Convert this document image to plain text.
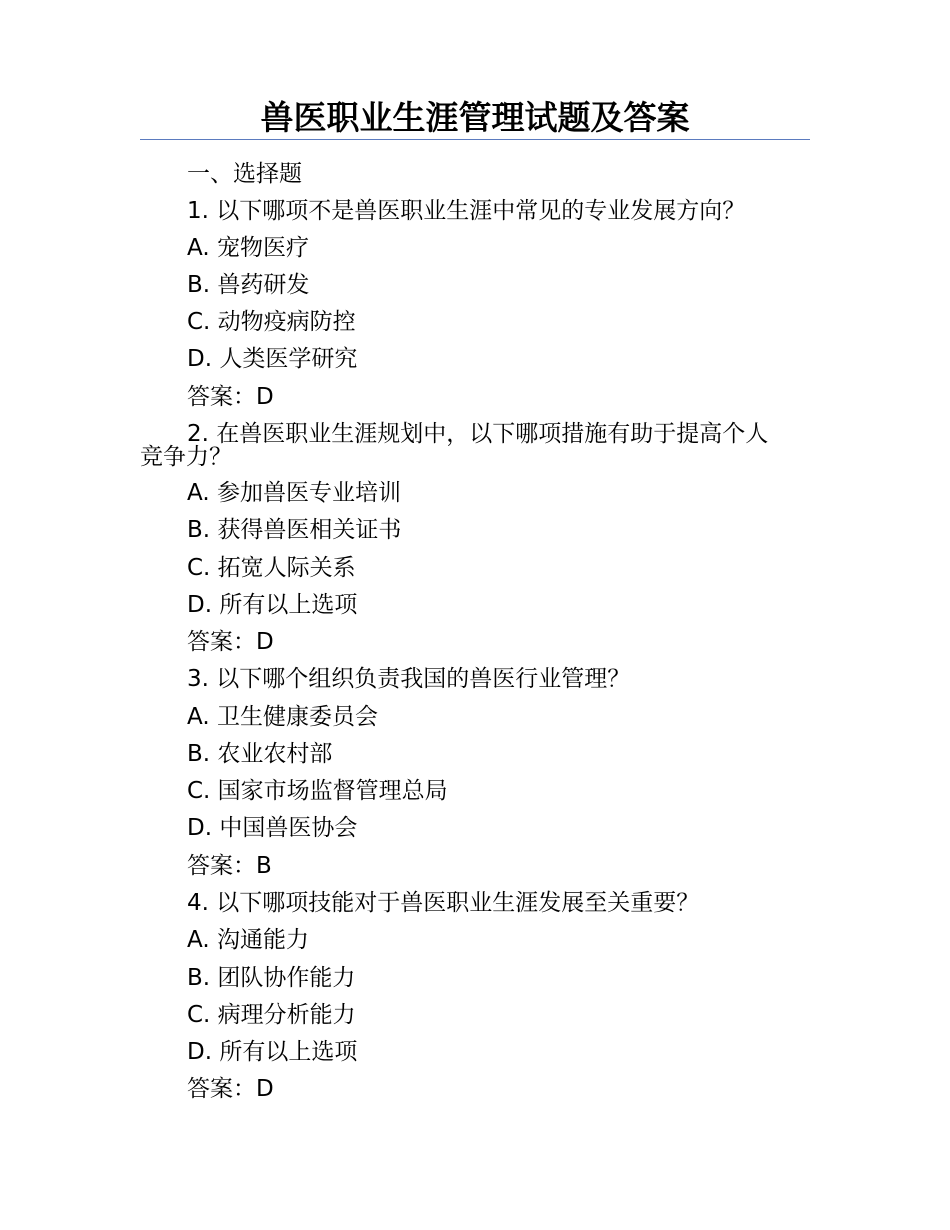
兽医职业生涯管理试题及答案
一、选择题
1. 以下哪项不是兽医职业生涯中常见的专业发展方向？
A. 宠物医疗
B. 兽药研发
C. 动物疫病防控
D. 人类医学研究
答案：D
2. 在兽医职业生涯规划中，以下哪项措施有助于提高个人
竞争力？
A. 参加兽医专业培训
B. 获得兽医相关证书
C. 拓宽人际关系
D. 所有以上选项
答案：D
3. 以下哪个组织负责我国的兽医行业管理？
A. 卫生健康委员会
B. 农业农村部
C. 国家市场监督管理总局
D. 中国兽医协会
答案：B
4. 以下哪项技能对于兽医职业生涯发展至关重要？
A. 沟通能力
B. 团队协作能力
C. 病理分析能力
D. 所有以上选项
答案：D
